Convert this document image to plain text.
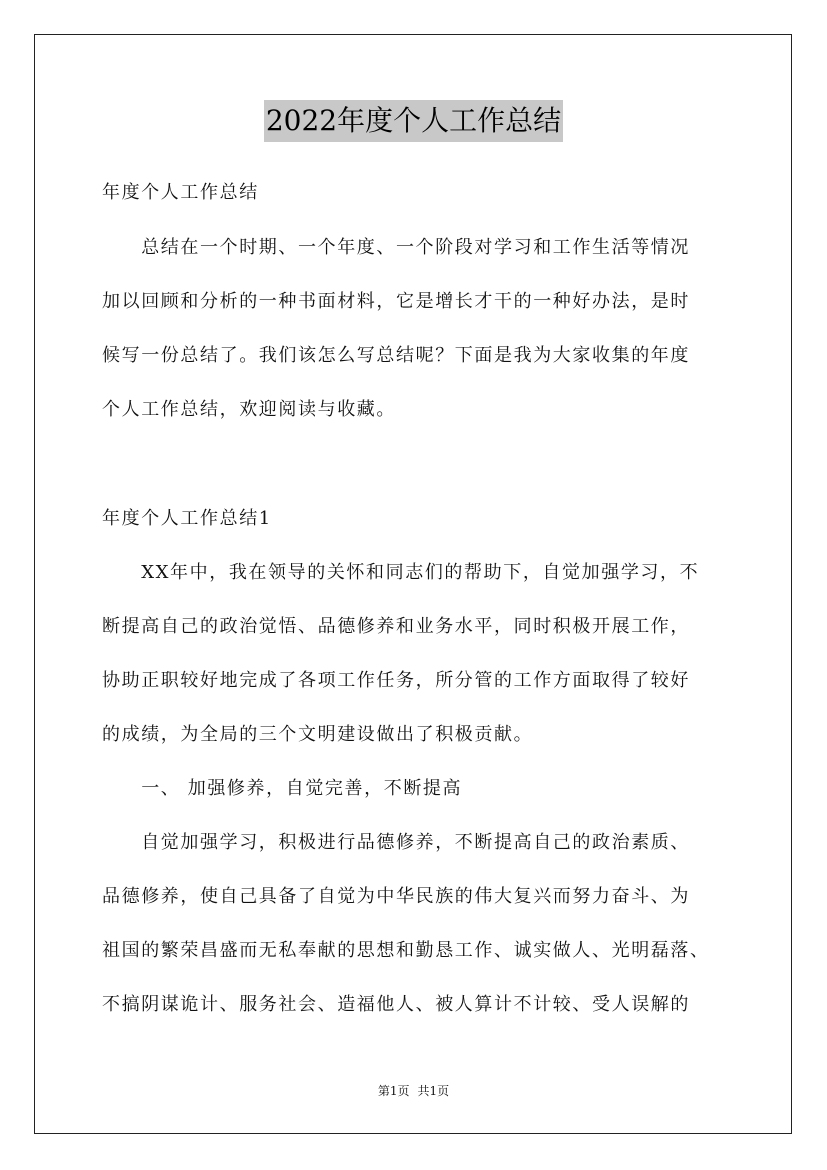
2022年度个人工作总结
年度个人工作总结
　　总结在一个时期、一个年度、一个阶段对学习和工作生活等情况
加以回顾和分析的一种书面材料，它是增长才干的一种好办法，是时
候写一份总结了。我们该怎么写总结呢？下面是我为大家收集的年度
个人工作总结，欢迎阅读与收藏。
年度个人工作总结1
　　XX年中，我在领导的关怀和同志们的帮助下，自觉加强学习，不
断提高自己的政治觉悟、品德修养和业务水平，同时积极开展工作，
协助正职较好地完成了各项工作任务，所分管的工作方面取得了较好
的成绩，为全局的三个文明建设做出了积极贡献。
　　一、 加强修养，自觉完善，不断提高
　　自觉加强学习，积极进行品德修养，不断提高自己的政治素质、
品德修养，使自己具备了自觉为中华民族的伟大复兴而努力奋斗、为
祖国的繁荣昌盛而无私奉献的思想和勤恳工作、诚实做人、光明磊落、
不搞阴谋诡计、服务社会、造福他人、被人算计不计较、受人误解的
第1页 共1页
